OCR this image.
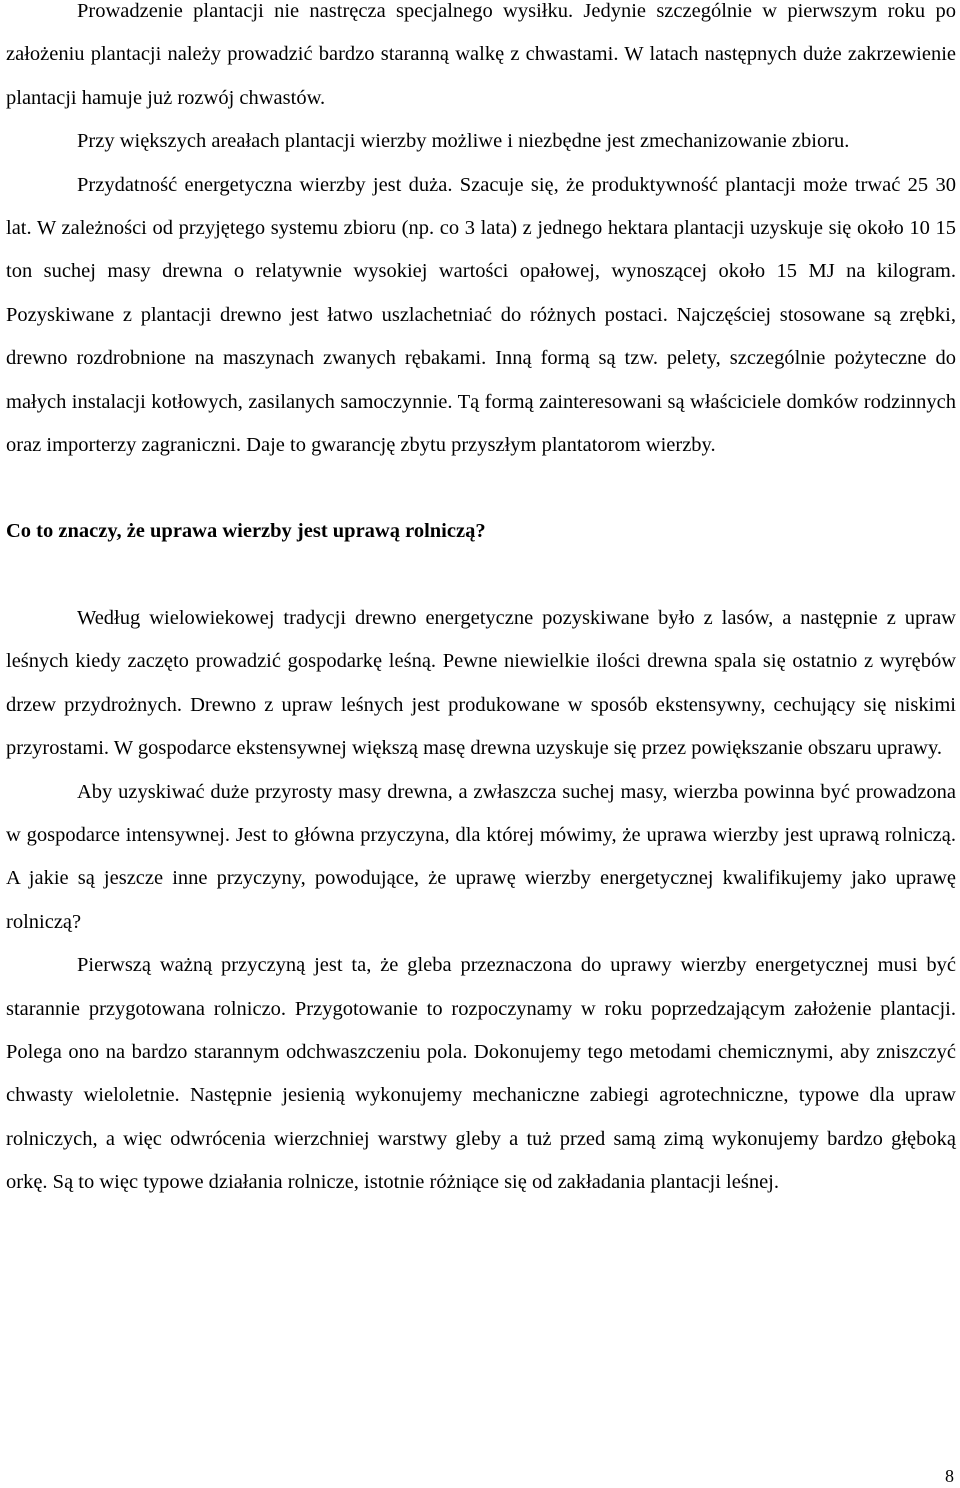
Prowadzenie plantacji nie nastręcza specjalnego wysiłku. Jedynie szczególnie w pierwszym roku po założeniu plantacji należy prowadzić bardzo staranną walkę z chwastami. W latach następnych duże zakrzewienie plantacji hamuje już rozwój chwastów.

Przy większych areałach plantacji wierzby możliwe i niezbędne jest zmechanizowanie zbioru.

Przydatność energetyczna wierzby jest duża. Szacuje się, że produktywność plantacji może trwać 25 30 lat. W zależności od przyjętego systemu zbioru (np. co 3 lata) z jednego hektara plantacji uzyskuje się około 10 15 ton suchej masy drewna o relatywnie wysokiej wartości opałowej, wynoszącej około 15 MJ na kilogram. Pozyskiwane z plantacji drewno jest łatwo uszlachetniać do różnych postaci. Najczęściej stosowane są zrębki, drewno rozdrobnione na maszynach zwanych rębakami. Inną formą są tzw. pelety, szczególnie pożyteczne do małych instalacji kotłowych, zasilanych samoczynnie. Tą formą zainteresowani są właściciele domków rodzinnych oraz importerzy zagraniczni. Daje to gwarancję zbytu przyszłym plantatorom wierzby.

Co to znaczy, że uprawa wierzby jest uprawą rolniczą?

Według wielowiekowej tradycji drewno energetyczne pozyskiwane było z lasów, a następnie z upraw leśnych kiedy zaczęto prowadzić gospodarkę leśną. Pewne niewielkie ilości drewna spala się ostatnio z wyrębów drzew przydrożnych. Drewno z upraw leśnych jest produkowane w sposób ekstensywny, cechujący się niskimi przyrostami. W gospodarce ekstensywnej większą masę drewna uzyskuje się przez powiększanie obszaru uprawy.

Aby uzyskiwać duże przyrosty masy drewna, a zwłaszcza suchej masy, wierzba powinna być prowadzona w gospodarce intensywnej. Jest to główna przyczyna, dla której mówimy, że uprawa wierzby jest uprawą rolniczą. A jakie są jeszcze inne przyczyny, powodujące, że uprawę wierzby energetycznej kwalifikujemy jako uprawę rolniczą?

Pierwszą ważną przyczyną jest ta, że gleba przeznaczona do uprawy wierzby energetycznej musi być starannie przygotowana rolniczo. Przygotowanie to rozpoczynamy w roku poprzedzającym założenie plantacji. Polega ono na bardzo starannym odchwaszczeniu pola. Dokonujemy tego metodami chemicznymi, aby zniszczyć chwasty wieloletnie. Następnie jesienią wykonujemy mechaniczne zabiegi agrotechniczne, typowe dla upraw rolniczych, a więc odwrócenia wierzchniej warstwy gleby a tuż przed samą zimą wykonujemy bardzo głęboką orkę. Są to więc typowe działania rolnicze, istotnie różniące się od zakładania plantacji leśnej.

8
